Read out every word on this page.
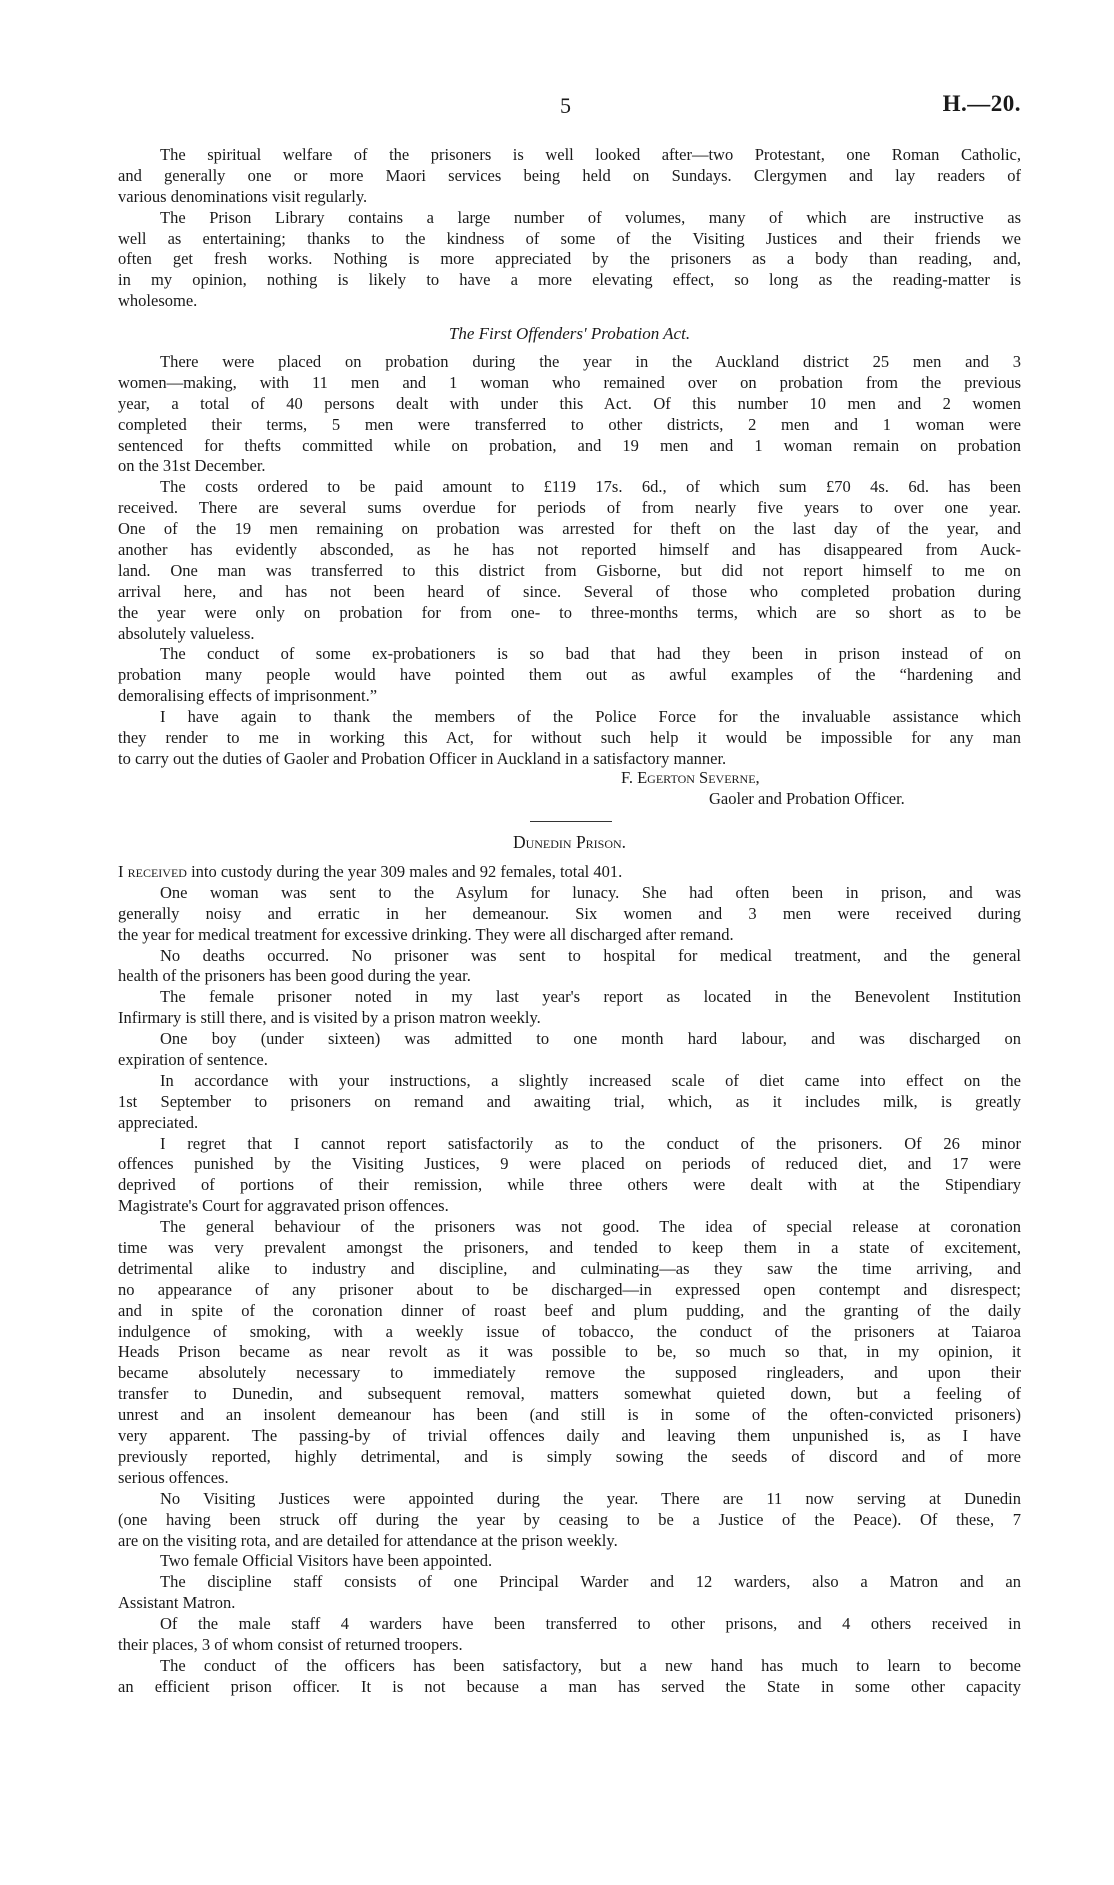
5	H.—20.
The spiritual welfare of the prisoners is well looked after—two Protestant, one Roman Catholic,
and generally one or more Maori services being held on Sundays. Clergymen and lay readers of
various denominations visit regularly.
The Prison Library contains a large number of volumes, many of which are instructive as
well as entertaining; thanks to the kindness of some of the Visiting Justices and their friends we
often get fresh works. Nothing is more appreciated by the prisoners as a body than reading, and,
in my opinion, nothing is likely to have a more elevating effect, so long as the reading-matter is
wholesome.
The First Offenders' Probation Act.
There were placed on probation during the year in the Auckland district 25 men and 3
women—making, with 11 men and 1 woman who remained over on probation from the previous
year, a total of 40 persons dealt with under this Act. Of this number 10 men and 2 women
completed their terms, 5 men were transferred to other districts, 2 men and 1 woman were
sentenced for thefts committed while on probation, and 19 men and 1 woman remain on probation
on the 31st December.
The costs ordered to be paid amount to £119 17s. 6d., of which sum £70 4s. 6d. has been
received. There are several sums overdue for periods of from nearly five years to over one year.
One of the 19 men remaining on probation was arrested for theft on the last day of the year, and
another has evidently absconded, as he has not reported himself and has disappeared from Auck-
land. One man was transferred to this district from Gisborne, but did not report himself to me on
arrival here, and has not been heard of since. Several of those who completed probation during
the year were only on probation for from one- to three-months terms, which are so short as to be
absolutely valueless.
The conduct of some ex-probationers is so bad that had they been in prison instead of on
probation many people would have pointed them out as awful examples of the “hardening and
demoralising effects of imprisonment.”
I have again to thank the members of the Police Force for the invaluable assistance which
they render to me in working this Act, for without such help it would be impossible for any man
to carry out the duties of Gaoler and Probation Officer in Auckland in a satisfactory manner.
F. Egerton Severne,
Gaoler and Probation Officer.
Dunedin Prison.
I received into custody during the year 309 males and 92 females, total 401.
One woman was sent to the Asylum for lunacy. She had often been in prison, and was
generally noisy and erratic in her demeanour. Six women and 3 men were received during
the year for medical treatment for excessive drinking. They were all discharged after remand.
No deaths occurred. No prisoner was sent to hospital for medical treatment, and the general
health of the prisoners has been good during the year.
The female prisoner noted in my last year's report as located in the Benevolent Institution
Infirmary is still there, and is visited by a prison matron weekly.
One boy (under sixteen) was admitted to one month hard labour, and was discharged on
expiration of sentence.
In accordance with your instructions, a slightly increased scale of diet came into effect on the
1st September to prisoners on remand and awaiting trial, which, as it includes milk, is greatly
appreciated.
I regret that I cannot report satisfactorily as to the conduct of the prisoners. Of 26 minor
offences punished by the Visiting Justices, 9 were placed on periods of reduced diet, and 17 were
deprived of portions of their remission, while three others were dealt with at the Stipendiary
Magistrate's Court for aggravated prison offences.
The general behaviour of the prisoners was not good. The idea of special release at coronation
time was very prevalent amongst the prisoners, and tended to keep them in a state of excitement,
detrimental alike to industry and discipline, and culminating—as they saw the time arriving, and
no appearance of any prisoner about to be discharged—in expressed open contempt and disrespect;
and in spite of the coronation dinner of roast beef and plum pudding, and the granting of the daily
indulgence of smoking, with a weekly issue of tobacco, the conduct of the prisoners at Taiaroa
Heads Prison became as near revolt as it was possible to be, so much so that, in my opinion, it
became absolutely necessary to immediately remove the supposed ringleaders, and upon their
transfer to Dunedin, and subsequent removal, matters somewhat quieted down, but a feeling of
unrest and an insolent demeanour has been (and still is in some of the often-convicted prisoners)
very apparent. The passing-by of trivial offences daily and leaving them unpunished is, as I have
previously reported, highly detrimental, and is simply sowing the seeds of discord and of more
serious offences.
No Visiting Justices were appointed during the year. There are 11 now serving at Dunedin
(one having been struck off during the year by ceasing to be a Justice of the Peace). Of these, 7
are on the visiting rota, and are detailed for attendance at the prison weekly.
Two female Official Visitors have been appointed.
The discipline staff consists of one Principal Warder and 12 warders, also a Matron and an
Assistant Matron.
Of the male staff 4 warders have been transferred to other prisons, and 4 others received in
their places, 3 of whom consist of returned troopers.
The conduct of the officers has been satisfactory, but a new hand has much to learn to become
an efficient prison officer. It is not because a man has served the State in some other capacity
